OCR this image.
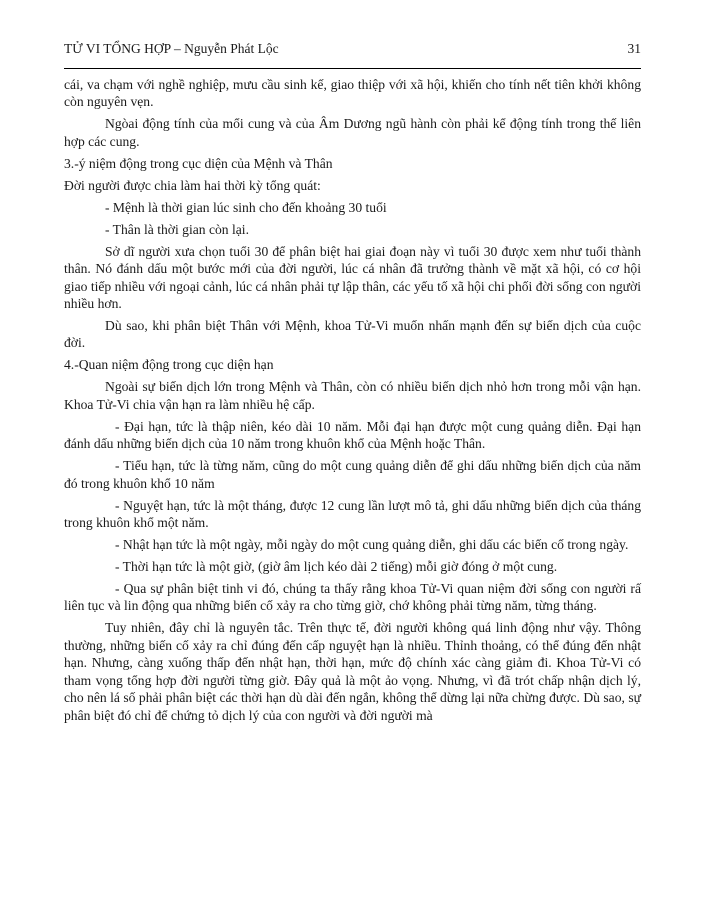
TỬ VI TỔNG HỢP – Nguyễn Phát Lộc	31

cái, va chạm với nghề nghiệp, mưu cầu sinh kế, giao thiệp với xã hội, khiến cho tính nết tiên khởi không còn nguyên vẹn.

Ngòai động tính của mổi cung và của Âm Dương ngũ hành còn phải kể động tính trong thế liên hợp các cung.

3.-ý niệm động trong cục diện của Mệnh và Thân

Đời người được chia làm hai thời kỳ tổng quát:

- Mệnh là thời gian lúc sinh cho đến khoảng 30 tuổi

- Thân là thời gian còn lại.

Sở dĩ người xưa chọn tuổi 30 để phân biệt hai giai đoạn này vì tuổi 30 được xem như tuổi thành thân. Nó đánh dấu một bước mới của đời người, lúc cá nhân đã trưởng thành về mặt xã hội, có cơ hội giao tiếp nhiều với ngoại cảnh, lúc cá nhân phải tự lập thân, các yếu tố xã hội chi phối đời sống con người nhiều hơn.

Dù sao, khi phân biệt Thân với Mệnh, khoa Tử-Vi muốn nhấn mạnh đến sự biến dịch của cuộc đời.

4.-Quan niệm động trong cục diện hạn

Ngoài sự biến dịch lớn trong Mệnh và Thân, còn có nhiều biến dịch nhỏ hơn trong mỗi vận hạn. Khoa Tử-Vi chia vận hạn ra làm nhiều hệ cấp.

- Đại hạn, tức là thập niên, kéo dài 10 năm. Mỗi đại hạn được một cung quảng diễn. Đại hạn đánh dấu những biến dịch của 10 năm trong khuôn khổ của Mệnh hoặc Thân.

- Tiểu hạn, tức là từng năm, cũng do một cung quảng diễn để ghi dấu những biến dịch của năm đó trong khuôn khổ 10 năm

- Nguyệt hạn, tức là một tháng, được 12 cung lần lượt mô tả, ghi dấu những biến dịch của tháng trong khuôn khổ một năm.

- Nhật hạn tức là một ngày, mỗi ngày do một cung quảng diễn, ghi dấu các biến cố trong ngày.

- Thời hạn tức là một giờ, (giờ âm lịch kéo dài 2 tiếng) mỗi giờ đóng ở một cung.

- Qua sự phân biệt tinh vi đó, chúng ta thấy rằng khoa Tử-Vi quan niệm đời sống con người rấ liên tục và lin động qua những biến cố xảy ra cho từng giờ, chớ không phải từng năm, từng tháng.

Tuy nhiên, đây chỉ là nguyên tắc. Trên thực tế, đời người không quá linh động như vậy. Thông thường, những biến cố xảy ra chỉ đúng đến cấp nguyệt hạn là nhiều. Thỉnh thoảng, có thể đúng đến nhật hạn. Nhưng, càng xuống thấp đến nhật hạn, thời hạn, mức độ chính xác càng giảm đi. Khoa Tử-Vi có tham vọng tổng hợp đời người từng giờ. Đây quả là một ảo vọng. Nhưng, vì đã trót chấp nhận dịch lý, cho nên lá số phải phân biệt các thời hạn dù dài đến ngắn, không thể dừng lại nữa chừng được. Dù sao, sự phân biệt đó chỉ để chứng tỏ dịch lý của con người và đời người mà
